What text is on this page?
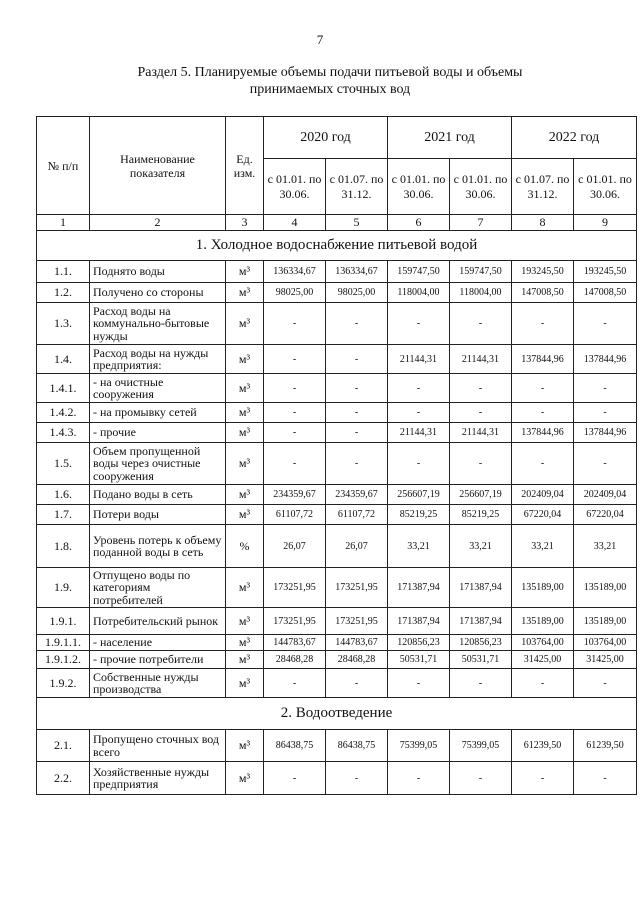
7
Раздел 5. Планируемые объемы подачи питьевой воды и объемы
принимаемых сточных вод
№ п/п	Наименование показателя	Ед. изм.	2020 год		2021 год		2022 год	
			с 01.01. по 30.06.	с 01.07. по 31.12.	с 01.01. по 30.06.	с 01.01. по 30.06.	с 01.07. по 31.12.	с 01.01. по 30.06.
1	2	3	4	5	6	7	8	9
1. Холодное водоснабжение питьевой водой								
1.1.	Поднято воды	м³	136334,67	136334,67	159747,50	159747,50	193245,50	193245,50
1.2.	Получено со стороны	м³	98025,00	98025,00	118004,00	118004,00	147008,50	147008,50
1.3.	Расход воды на коммунально-бытовые нужды	м³	-	-	-	-	-	-
1.4.	Расход воды на нужды предприятия:	м³	-	-	21144,31	21144,31	137844,96	137844,96
1.4.1.	- на очистные сооружения	м³	-	-	-	-	-	-
1.4.2.	- на промывку сетей	м³	-	-	-	-	-	-
1.4.3.	- прочие	м³	-	-	21144,31	21144,31	137844,96	137844,96
1.5.	Объем пропущенной воды через очистные сооружения	м³	-	-	-	-	-	-
1.6.	Подано воды в сеть	м³	234359,67	234359,67	256607,19	256607,19	202409,04	202409,04
1.7.	Потери воды	м³	61107,72	61107,72	85219,25	85219,25	67220,04	67220,04
1.8.	Уровень потерь к объему поданной воды в сеть	%	26,07	26,07	33,21	33,21	33,21	33,21
1.9.	Отпущено воды по категориям потребителей	м³	173251,95	173251,95	171387,94	171387,94	135189,00	135189,00
1.9.1.	Потребительский рынок	м³	173251,95	173251,95	171387,94	171387,94	135189,00	135189,00
1.9.1.1.	- население	м³	144783,67	144783,67	120856,23	120856,23	103764,00	103764,00
1.9.1.2.	- прочие потребители	м³	28468,28	28468,28	50531,71	50531,71	31425,00	31425,00
1.9.2.	Собственные нужды производства	м³	-	-	-	-	-	-
2. Водоотведение								
2.1.	Пропущено сточных вод всего	м³	86438,75	86438,75	75399,05	75399,05	61239,50	61239,50
2.2.	Хозяйственные нужды предприятия	м³	-	-	-	-	-	-
